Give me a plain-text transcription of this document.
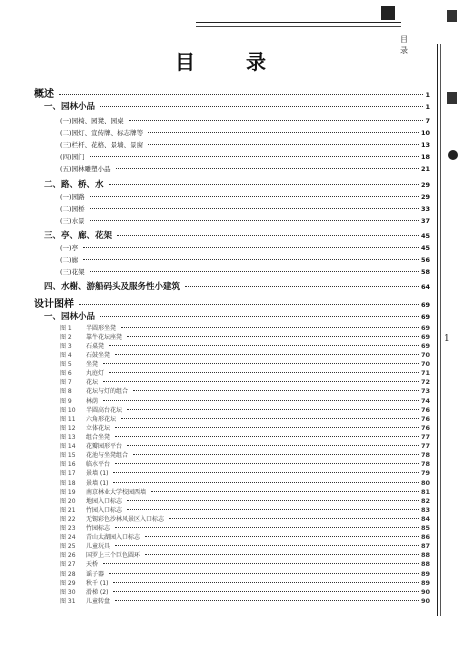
目 录
1
目 录
概述	1
一、园林小品	1
(一)园椅、园凳、园桌	7
(二)园灯、宣传牌、标志牌等	10
(三)栏杆、花格、景墙、景窗	13
(四)园门	18
(五)园林雕塑小品	21
二、路、桥、水	29
(一)园路	29
(二)园桥	33
(三)水景	37
三、亭、廊、花架	45
(一)亭	45
(二)廊	56
(三)花架	58
四、水榭、游船码头及服务性小建筑	64
设计图样	69
一、园林小品	69
图 1 半圆形坐凳	69
图 2 靠牛花坛座凳	69
图 3 石桌凳	69
图 4 石鼓坐凳	70
图 5 坐凳	70
图 6 丸庭灯	71
图 7 花坛	72
图 8 花坛与灯的组合	73
图 9 林荫	74
图 10 半圆高台花坛	76
图 11 六角形花坛	76
图 12 立体花坛	76
图 13 组合坐凳	77
图 14 花瓣园形平台	77
图 15 花池与坐凳组合	78
图 16 临水平台	78
图 17 景墙 (1)	79
图 18 景墙 (1)	80
图 19 南京林业大学校园西墙	81
图 20 地园入口标志	82
图 21 竹园入口标志	83
图 22 无锡彩色沙林风景区入口标志	84
图 23 竹园标志	85
图 24 青山太湖园入口标志	86
图 25 儿童玩具	87
图 26 国罗上三个巨色圆环	88
图 27 天桥	88
图 28 谣子器	89
图 29 秋千 (1)	89
图 30 滑梯 (2)	90
图 31 儿童转盘	90
